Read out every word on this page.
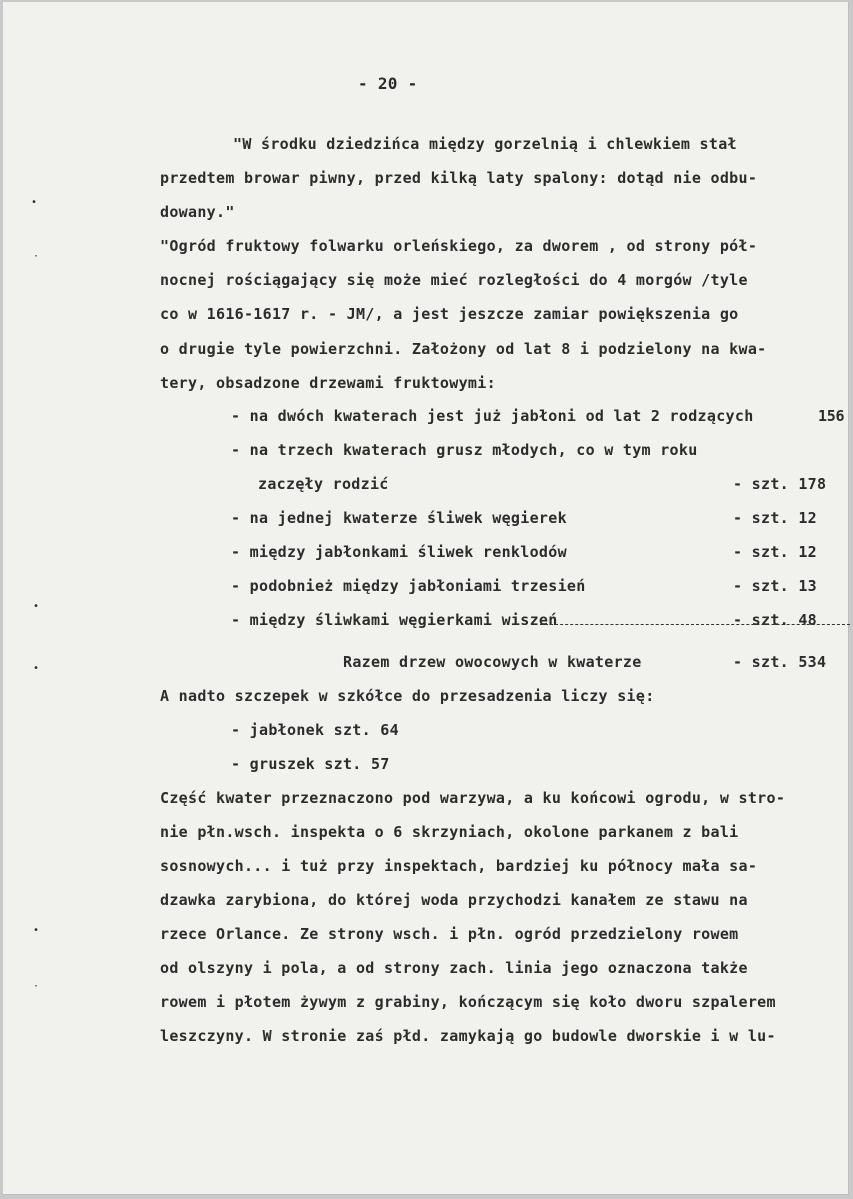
- 20 -
"W środku dziedzińca między gorzelnią i chlewkiem stał
przedtem browar piwny, przed kilką laty spalony: dotąd nie odbu-
dowany."
"Ogród fruktowy folwarku orleńskiego, za dworem , od strony pół-
nocnej rościągający się może mieć rozległości do 4 morgów /tyle
co w 1616-1617 r. - JM/, a jest jeszcze zamiar powiększenia go
o drugie tyle powierzchni. Założony od lat 8 i podzielony na kwa-
tery, obsadzone drzewami fruktowymi:
- na dwóch kwaterach jest już jabłoni od lat 2 rodzących	156
- na trzech kwaterach grusz młodych, co w tym roku
zaczęły rodzić	- szt. 178
- na jednej kwaterze śliwek węgierek	- szt. 12
- między jabłonkami śliwek renklodów	- szt. 12
- podobnież między jabłoniami trzesień	- szt. 13
- między śliwkami węgierkami wiszeń	- szt. 48
Razem drzew owocowych w kwaterze	- szt. 534
A nadto szczepek w szkółce do przesadzenia liczy się:
- jabłonek szt. 64
- gruszek szt. 57
Część kwater przeznaczono pod warzywa, a ku końcowi ogrodu, w stro-
nie płn.wsch. inspekta o 6 skrzyniach, okolone parkanem z bali
sosnowych... i tuż przy inspektach, bardziej ku północy mała sa-
dzawka zarybiona, do której woda przychodzi kanałem ze stawu na
rzece Orlance. Ze strony wsch. i płn. ogród przedzielony rowem
od olszyny i pola, a od strony zach. linia jego oznaczona także
rowem i płotem żywym z grabiny, kończącym się koło dworu szpalerem
leszczyny. W stronie zaś płd. zamykają go budowle dworskie i w lu-
•
·
•
•
•
·
